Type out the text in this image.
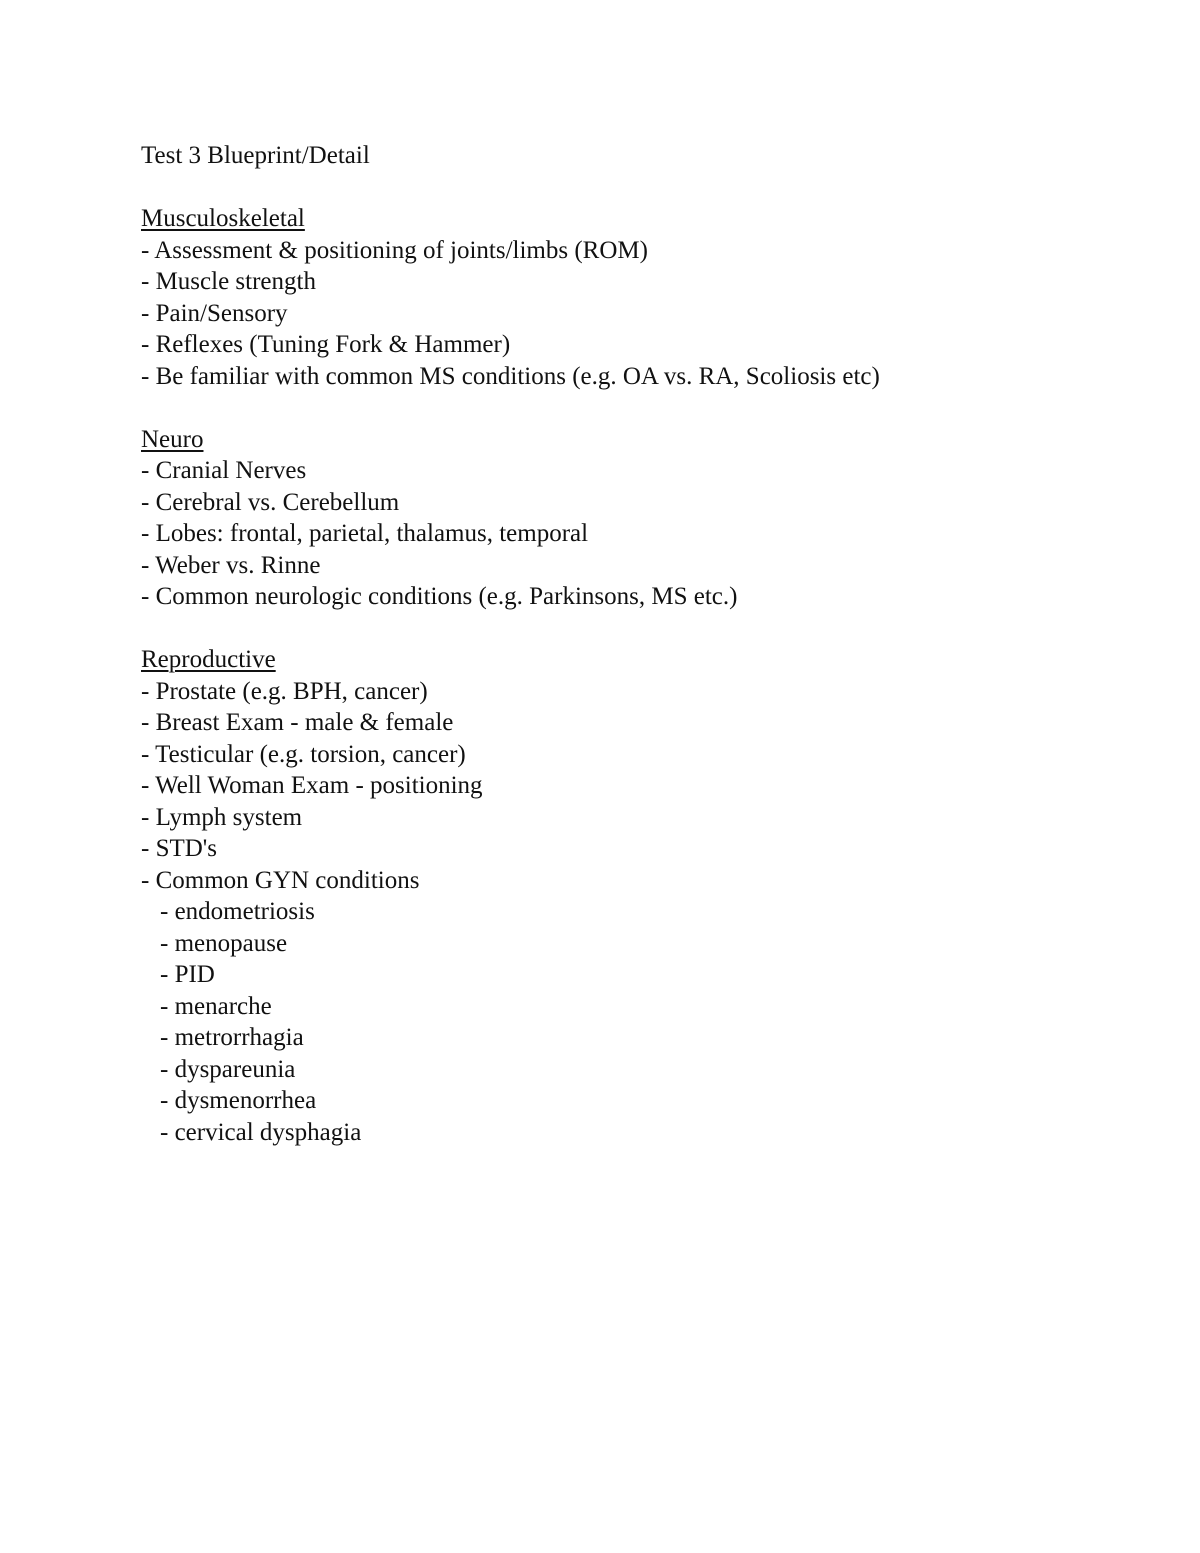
Test 3 Blueprint/Detail
Musculoskeletal
- Assessment & positioning of joints/limbs (ROM)
- Muscle strength
- Pain/Sensory
- Reflexes (Tuning Fork & Hammer)
- Be familiar with common MS conditions (e.g. OA vs. RA, Scoliosis etc)
Neuro
- Cranial Nerves
- Cerebral vs. Cerebellum
- Lobes: frontal, parietal, thalamus, temporal
- Weber vs. Rinne
- Common neurologic conditions (e.g. Parkinsons, MS etc.)
Reproductive
- Prostate (e.g. BPH, cancer)
- Breast Exam - male & female
- Testicular (e.g. torsion, cancer)
- Well Woman Exam - positioning
- Lymph system
- STD's
- Common GYN conditions
- endometriosis
- menopause
- PID
- menarche
- metrorrhagia
- dyspareunia
- dysmenorrhea
- cervical dysphagia
